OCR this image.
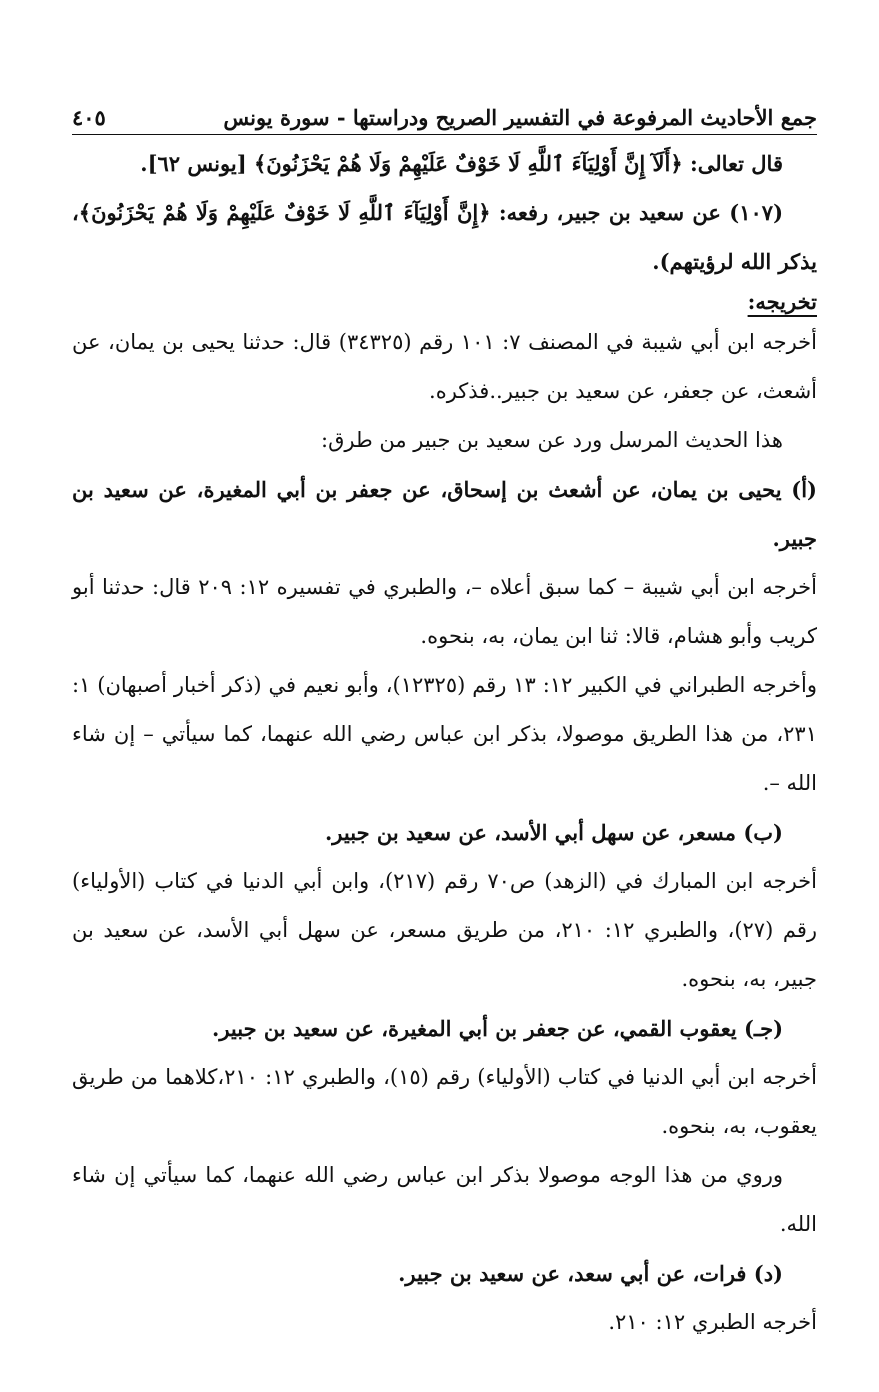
جمع الأحاديث المرفوعة في التفسير الصريح ودراستها - سورة يونس
٤٠٥

قال تعالى: ﴿أَلَآ إِنَّ أَوْلِيَآءَ ٱللَّهِ لَا خَوْفٌ عَلَيْهِمْ وَلَا هُمْ يَحْزَنُونَ﴾ [يونس ٦٢].

(١٠٧) عن سعيد بن جبير، رفعه: ﴿إِنَّ أَوْلِيَآءَ ٱللَّهِ لَا خَوْفٌ عَلَيْهِمْ وَلَا هُمْ يَحْزَنُونَ﴾، يذكر الله لرؤيتهم).

تخريجه:

أخرجه ابن أبي شيبة في المصنف ٧: ١٠١ رقم (٣٤٣٢٥) قال: حدثنا يحيى بن يمان، عن أشعث، عن جعفر، عن سعيد بن جبير..فذكره.

هذا الحديث المرسل ورد عن سعيد بن جبير من طرق:

(أ) يحيى بن يمان، عن أشعث بن إسحاق، عن جعفر بن أبي المغيرة، عن سعيد بن جبير.

أخرجه ابن أبي شيبة – كما سبق أعلاه –، والطبري في تفسيره ١٢: ٢٠٩ قال: حدثنا أبو كريب وأبو هشام، قالا: ثنا ابن يمان، به، بنحوه.

وأخرجه الطبراني في الكبير ١٢: ١٣ رقم (١٢٣٢٥)، وأبو نعيم في (ذكر أخبار أصبهان) ١: ٢٣١، من هذا الطريق موصولا، بذكر ابن عباس رضي الله عنهما، كما سيأتي – إن شاء الله –.

(ب) مسعر، عن سهل أبي الأسد، عن سعيد بن جبير.

أخرجه ابن المبارك في (الزهد) ص٧٠ رقم (٢١٧)، وابن أبي الدنيا في كتاب (الأولياء) رقم (٢٧)، والطبري ١٢: ٢١٠، من طريق مسعر، عن سهل أبي الأسد، عن سعيد بن جبير، به، بنحوه.

(جـ) يعقوب القمي، عن جعفر بن أبي المغيرة، عن سعيد بن جبير.

أخرجه ابن أبي الدنيا في كتاب (الأولياء) رقم (١٥)، والطبري ١٢: ٢١٠،كلاهما من طريق يعقوب، به، بنحوه.

وروي من هذا الوجه موصولا بذكر ابن عباس رضي الله عنهما، كما سيأتي إن شاء الله.

(د) فرات، عن أبي سعد، عن سعيد بن جبير.

أخرجه الطبري ١٢: ٢١٠.
